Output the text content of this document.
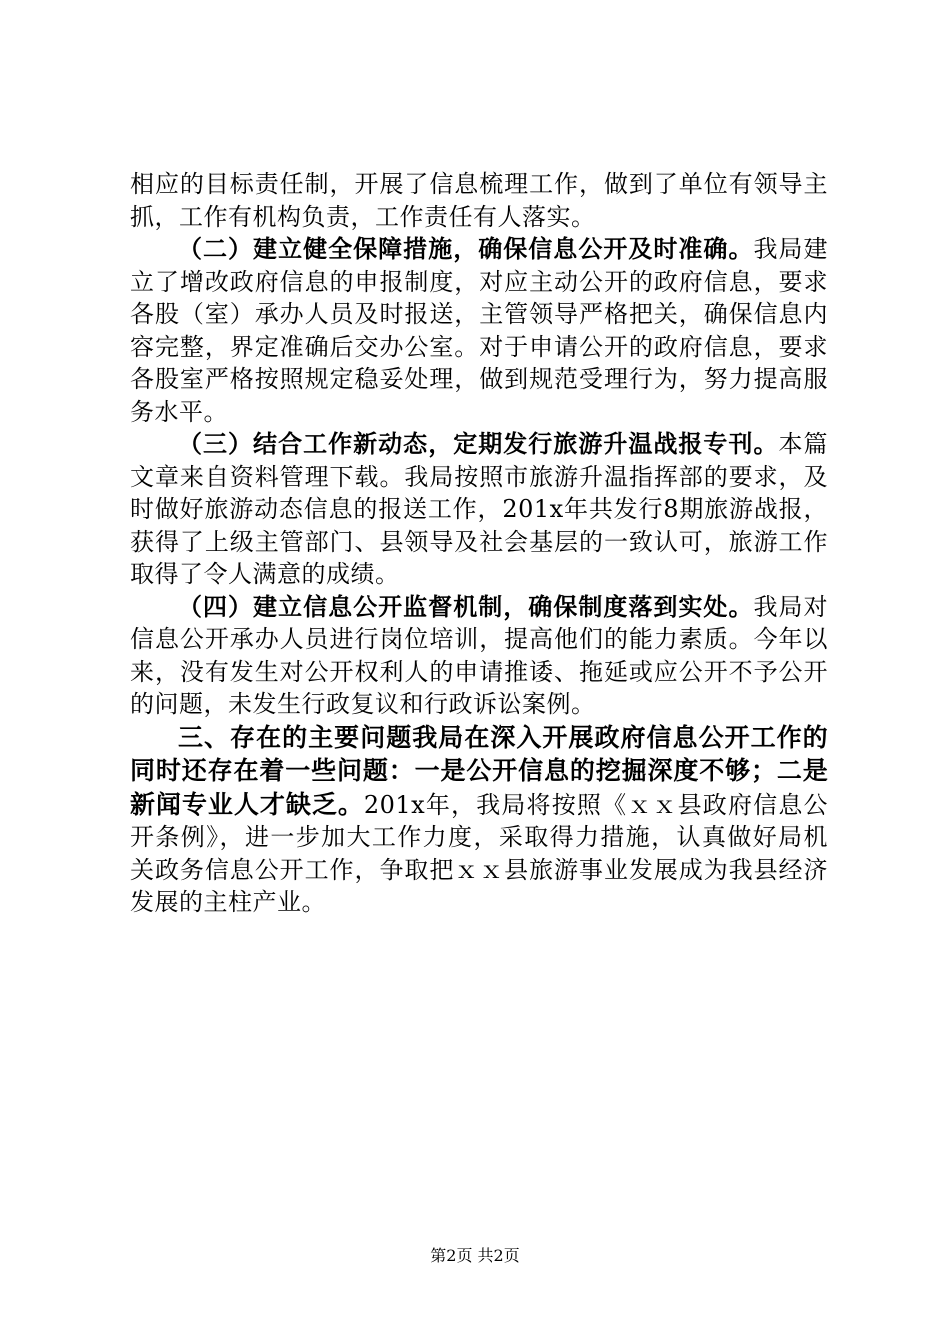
相应的目标责任制，开展了信息梳理工作，做到了单位有领导主抓，工作有机构负责，工作责任有人落实。

（二）建立健全保障措施，确保信息公开及时准确。我局建立了增改政府信息的申报制度，对应主动公开的政府信息，要求各股（室）承办人员及时报送，主管领导严格把关，确保信息内容完整，界定准确后交办公室。对于申请公开的政府信息，要求各股室严格按照规定稳妥处理，做到规范受理行为，努力提高服务水平。

（三）结合工作新动态，定期发行旅游升温战报专刊。本篇文章来自资料管理下载。我局按照市旅游升温指挥部的要求，及时做好旅游动态信息的报送工作，201x年共发行8期旅游战报，获得了上级主管部门、县领导及社会基层的一致认可，旅游工作取得了令人满意的成绩。

（四）建立信息公开监督机制，确保制度落到实处。我局对信息公开承办人员进行岗位培训，提高他们的能力素质。今年以来，没有发生对公开权利人的申请推诿、拖延或应公开不予公开的问题，未发生行政复议和行政诉讼案例。

三、存在的主要问题我局在深入开展政府信息公开工作的同时还存在着一些问题：一是公开信息的挖掘深度不够；二是新闻专业人才缺乏。201x年，我局将按照《ｘｘ县政府信息公开条例》，进一步加大工作力度，采取得力措施，认真做好局机关政务信息公开工作，争取把ｘｘ县旅游事业发展成为我县经济发展的主柱产业。

第2页 共2页
